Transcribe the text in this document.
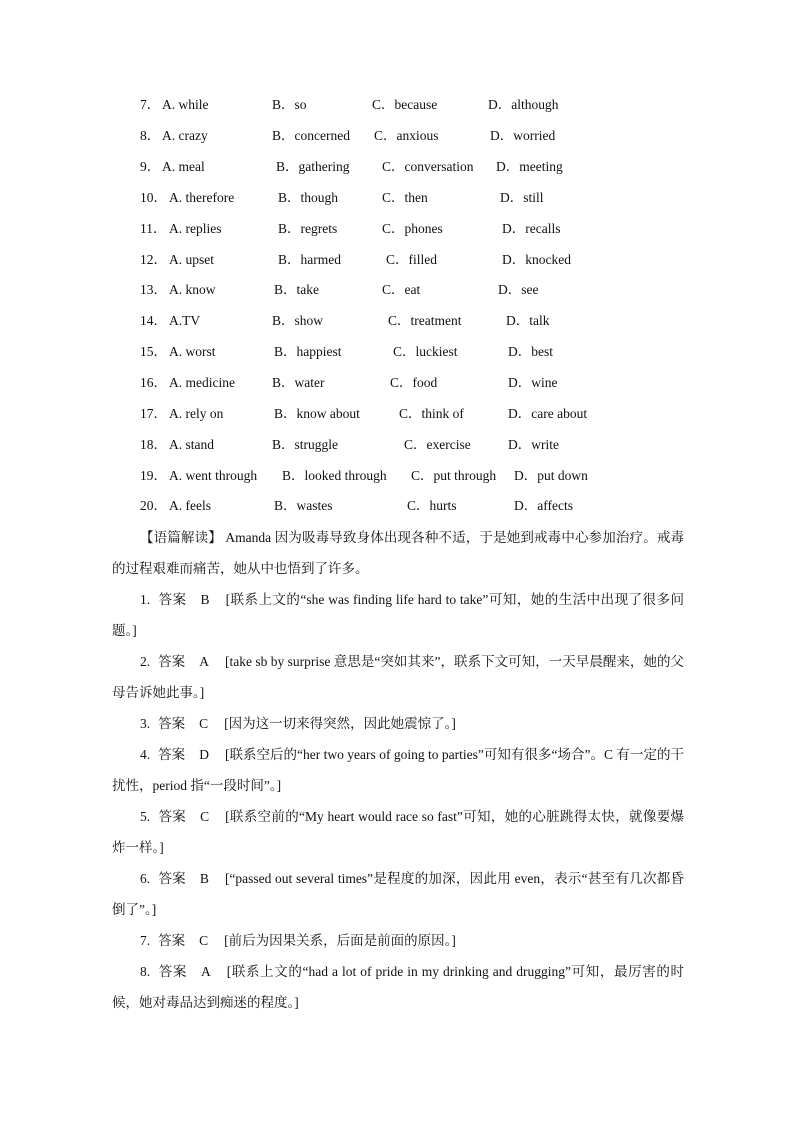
7． A. while	B．so	C．because	D．although
8． A. crazy	B．concerned C．anxious	D．worried
9． A. meal	B．gathering C．conversation D．meeting
10． A. therefore	B．though	C．then	D．still
11． A. replies	B．regrets	C．phones	D．recalls
12． A. upset	B．harmed	C．filled	D．knocked
13． A. know	B．take	C．eat	D．see
14． A.TV	B．show	C．treatment	D．talk
15． A. worst	B．happiest	C．luckiest	D．best
16． A. medicine	B．water	C．food	D．wine
17． A. rely on	B．know about	C．think of	D．care about
18． A. stand	B．struggle	C．exercise	D．write
19． A. went through B．looked through C．put through D．put down
20． A. feels	B．wastes	C．hurts	D．affects

【语篇解读】 Amanda 因为吸毒导致身体出现各种不适，于是她到戒毒中心参加治疗。戒毒的过程艰难而痛苦，她从中也悟到了许多。

1. 答案 B [联系上文的“she was finding life hard to take”可知，她的生活中出现了很多问题。]

2. 答案 A [take sb by surprise 意思是“突如其来”，联系下文可知，一天早晨醒来，她的父母告诉她此事。]

3. 答案 C [因为这一切来得突然，因此她震惊了。]

4. 答案 D [联系空后的“her two years of going to parties”可知有很多“场合”。C 有一定的干扰性，period 指“一段时间”。]

5. 答案 C [联系空前的“My heart would race so fast”可知，她的心脏跳得太快，就像要爆炸一样。]

6. 答案 B [“passed out several times”是程度的加深，因此用 even，表示“甚至有几次都昏倒了”。]

7. 答案 C [前后为因果关系，后面是前面的原因。]

8. 答案 A [联系上文的“had a lot of pride in my drinking and drugging”可知，最厉害的时候，她对毒品达到痴迷的程度。]
